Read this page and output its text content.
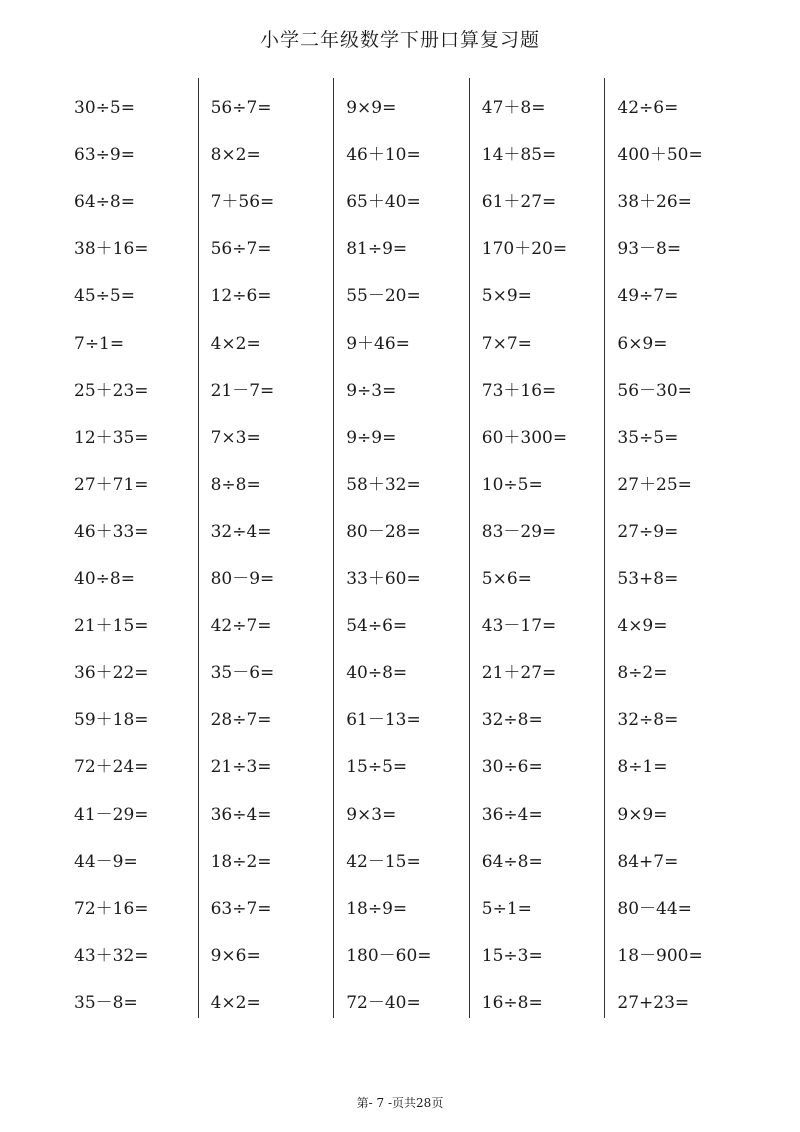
小学二年级数学下册口算复习题
30÷5=
63÷9=
64÷8=
38＋16=
45÷5=
7÷1=
25＋23=
12＋35=
27＋71=
46＋33=
40÷8=
21＋15=
36＋22=
59＋18=
72＋24=
41－29=
44－9=
72＋16=
43＋32=
35－8=
56÷7=
8×2=
7＋56=
56÷7=
12÷6=
4×2=
21－7=
7×3=
8÷8=
32÷4=
80－9=
42÷7=
35－6=
28÷7=
21÷3=
36÷4=
18÷2=
63÷7=
9×6=
4×2=
9×9=
46＋10=
65＋40=
81÷9=
55－20=
9＋46=
9÷3=
9÷9=
58＋32=
80－28=
33＋60=
54÷6=
40÷8=
61－13=
15÷5=
9×3=
42－15=
18÷9=
180－60=
72－40=
47＋8=
14＋85=
61＋27=
170＋20=
5×9=
7×7=
73＋16=
60＋300=
10÷5=
83－29=
5×6=
43－17=
21＋27=
32÷8=
30÷6=
36÷4=
64÷8=
5÷1=
15÷3=
16÷8=
42÷6=
400＋50=
38＋26=
93－8=
49÷7=
6×9=
56－30=
35÷5=
27＋25=
27÷9=
53+8=
4×9=
8÷2=
32÷8=
8÷1=
9×9=
84+7=
80－44=
18－900=
27+23=
第- 7 -页共28页
